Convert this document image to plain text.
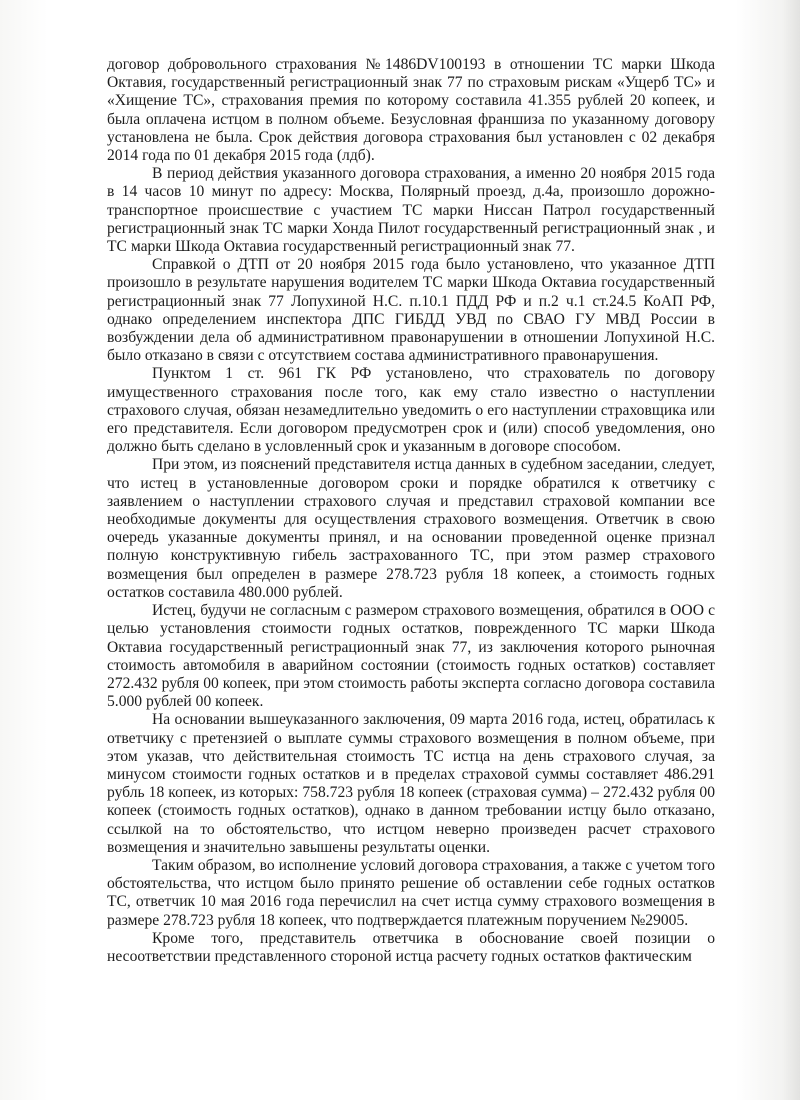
договор добровольного страхования №1486DV100193 в отношении ТС марки Шкода Октавия, государственный регистрационный знак 77 по страховым рискам «Ущерб ТС» и «Хищение ТС», страхования премия по которому составила 41.355 рублей 20 копеек, и была оплачена истцом в полном объеме. Безусловная франшиза по указанному договору установлена не была. Срок действия договора страхования был установлен с 02 декабря 2014 года по 01 декабря 2015 года (лдб).

В период действия указанного договора страхования, а именно 20 ноября 2015 года в 14 часов 10 минут по адресу: Москва, Полярный проезд, д.4а, произошло дорожно-транспортное происшествие с участием ТС марки Ниссан Патрол государственный регистрационный знак ТС марки Хонда Пилот государственный регистрационный знак , и ТС марки Шкода Октавиа государственный регистрационный знак 77.

Справкой о ДТП от 20 ноября 2015 года было установлено, что указанное ДТП произошло в результате нарушения водителем ТС марки Шкода Октавиа государственный регистрационный знак 77 Лопухиной Н.С. п.10.1 ПДД РФ и п.2 ч.1 ст.24.5 КоАП РФ, однако определением инспектора ДПС ГИБДД УВД по СВАО ГУ МВД России в возбуждении дела об административном правонарушении в отношении Лопухиной Н.С. было отказано в связи с отсутствием состава административного правонарушения.

Пунктом 1 ст. 961 ГК РФ установлено, что страхователь по договору имущественного страхования после того, как ему стало известно о наступлении страхового случая, обязан незамедлительно уведомить о его наступлении страховщика или его представителя. Если договором предусмотрен срок и (или) способ уведомления, оно должно быть сделано в условленный срок и указанным в договоре способом.

При этом, из пояснений представителя истца данных в судебном заседании, следует, что истец в установленные договором сроки и порядке обратился к ответчику с заявлением о наступлении страхового случая и представил страховой компании все необходимые документы для осуществления страхового возмещения. Ответчик в свою очередь указанные документы принял, и на основании проведенной оценке признал полную конструктивную гибель застрахованного ТС, при этом размер страхового возмещения был определен в размере 278.723 рубля 18 копеек, а стоимость годных остатков составила 480.000 рублей.

Истец, будучи не согласным с размером страхового возмещения, обратился в ООО с целью установления стоимости годных остатков, поврежденного ТС марки Шкода Октавиа государственный регистрационный знак 77, из заключения которого рыночная стоимость автомобиля в аварийном состоянии (стоимость годных остатков) составляет 272.432 рубля 00 копеек, при этом стоимость работы эксперта согласно договора составила 5.000 рублей 00 копеек.

На основании вышеуказанного заключения, 09 марта 2016 года, истец, обратилась к ответчику с претензией о выплате суммы страхового возмещения в полном объеме, при этом указав, что действительная стоимость ТС истца на день страхового случая, за минусом стоимости годных остатков и в пределах страховой суммы составляет 486.291 рубль 18 копеек, из которых: 758.723 рубля 18 копеек (страховая сумма) – 272.432 рубля 00 копеек (стоимость годных остатков), однако в данном требовании истцу было отказано, ссылкой на то обстоятельство, что истцом неверно произведен расчет страхового возмещения и значительно завышены результаты оценки.

Таким образом, во исполнение условий договора страхования, а также с учетом того обстоятельства, что истцом было принято решение об оставлении себе годных остатков ТС, ответчик 10 мая 2016 года перечислил на счет истца сумму страхового возмещения в размере 278.723 рубля 18 копеек, что подтверждается платежным поручением №29005.

Кроме того, представитель ответчика в обоснование своей позиции о несоответствии представленного стороной истца расчету годных остатков фактическим
